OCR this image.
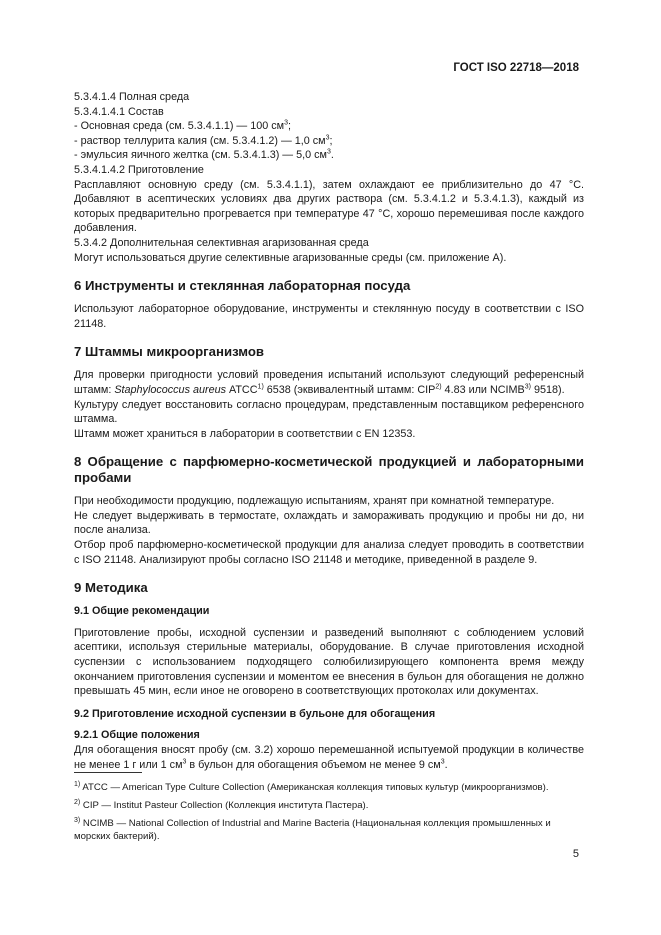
ГОСТ ISO 22718—2018

5.3.4.1.4 Полная среда

5.3.4.1.4.1 Состав

- Основная среда (см. 5.3.4.1.1) — 100 $см^3$;

- раствор теллурита калия (см. 5.3.4.1.2) — 1,0 $см^3$;

- эмульсия яичного желтка (см. 5.3.4.1.3) — 5,0 $см^3$.

5.3.4.1.4.2 Приготовление

Расплавляют основную среду (см. 5.3.4.1.1), затем охлаждают ее приблизительно до 47 °С. Добавляют в асептических условиях два других раствора (см. 5.3.4.1.2 и 5.3.4.1.3), каждый из которых предварительно прогревается при температуре 47 °С, хорошо перемешивая после каждого добавления.

5.3.4.2 Дополнительная селективная агаризованная среда

Могут использоваться другие селективные агаризованные среды (см. приложение А).

6 Инструменты и стеклянная лабораторная посуда

Используют лабораторное оборудование, инструменты и стеклянную посуду в соответствии с ISO 21148.

7 Штаммы микроорганизмов

Для проверки пригодности условий проведения испытаний используют следующий референсный штамм: Staphylococcus aureus АТСС$^{1)}$ 6538 (эквивалентный штамм: CIP$^{2)}$ 4.83 или NCIMB$^{3)}$ 9518).

Культуру следует восстановить согласно процедурам, представленным поставщиком референсного штамма.

Штамм может храниться в лаборатории в соответствии с EN 12353.

8 Обращение с парфюмерно-косметической продукцией и лабораторными пробами

При необходимости продукцию, подлежащую испытаниям, хранят при комнатной температуре.

Не следует выдерживать в термостате, охлаждать и замораживать продукцию и пробы ни до, ни после анализа.

Отбор проб парфюмерно-косметической продукции для анализа следует проводить в соответствии с ISO 21148. Анализируют пробы согласно ISO 21148 и методике, приведенной в разделе 9.

9 Методика

9.1 Общие рекомендации

Приготовление пробы, исходной суспензии и разведений выполняют с соблюдением условий асептики, используя стерильные материалы, оборудование. В случае приготовления исходной суспензии с использованием подходящего солюбилизирующего компонента время между окончанием приготовления суспензии и моментом ее внесения в бульон для обогащения не должно превышать 45 мин, если иное не оговорено в соответствующих протоколах или документах.

9.2 Приготовление исходной суспензии в бульоне для обогащения

9.2.1 Общие положения

Для обогащения вносят пробу (см. 3.2) хорошо перемешанной испытуемой продукции в количестве не менее 1 г или 1 $см^3$ в бульон для обогащения объемом не менее 9 $см^3$.

$^{1)}$ ATCC — American Type Culture Collection (Американская коллекция типовых культур (микроорганизмов).
$^{2)}$ CIP — Institut Pasteur Collection (Коллекция института Пастера).
$^{3)}$ NCIMB — National Collection of Industrial and Marine Bacteria (Национальная коллекция промышленных и морских бактерий).
5
